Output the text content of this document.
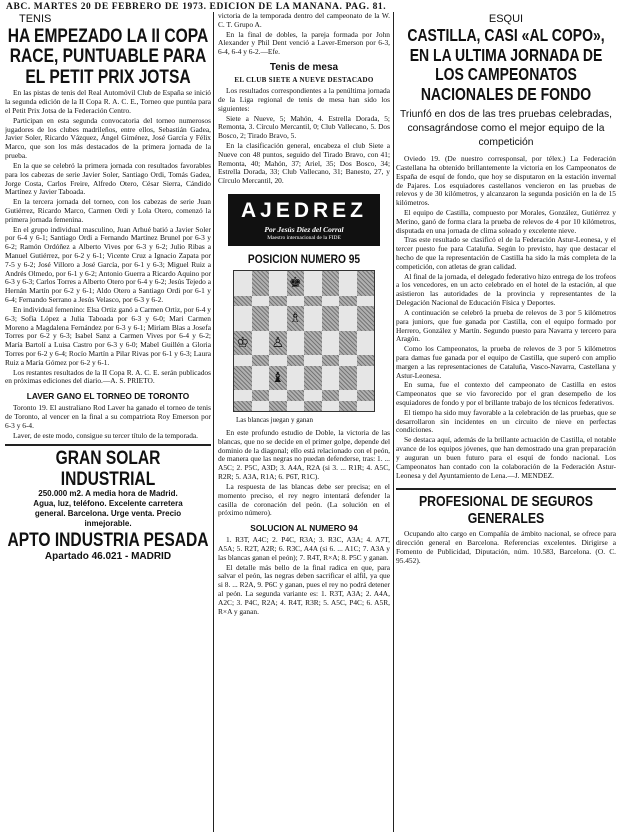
ABC. MARTES 20 DE FEBRERO DE 1973. EDICION DE LA MAÑANA. PAG. 81.
TENIS
HA EMPEZADO LA II COPA RACE, PUNTUABLE PARA EL PETIT PRIX JOTSA

En las pistas de tenis del Real Automóvil Club de España se inició la segunda edición de la II Copa R. A. C. E., Torneo que puntúa para el Petit Prix Jotsa de la Federación Centro.

Participan en esta segunda convocatoria del torneo numerosos jugadores de los clubes madrileños, entre ellos, Sebastián Gadea, Javier Soler, Ricardo Vázquez, Ángel Giménez, José García y Félix Marco, que son los más destacados de la primera jornada de la prueba.

En la que se celebró la primera jornada con resultados favorables para los cabezas de serie Javier Soler, Santiago Ordi, Tomás Gadea, Jorge Costa, Carlos Freire, Alfredo Otero, César Sierra, Cándido Martínez y Javier Taboada.

En la tercera jornada del torneo, con los cabezas de serie Juan Gutiérrez, Ricardo Marco, Carmen Ordi y Lola Otero, comenzó la primera jornada femenina.

En el grupo individual masculino, Juan Arhué batió a Javier Soler por 6-4 y 6-1; Santiago Ordi a Fernando Martínez Brunel por 6-3 y 6-2; Ramón Ordóñez a Alberto Vives por 6-3 y 6-2; Julio Ribas a Manuel Gutiérrez, por 6-2 y 6-1; Vicente Cruz a Ignacio Zapata por 7-5 y 6-2; José Villoro a José García, por 6-1 y 6-3; Miguel Ruiz a Andrés Olmedo, por 6-1 y 6-2; Antonio Guerra a Ricardo Aquino por 6-3 y 6-3; Carlos Torres a Alberto Otero por 6-4 y 6-2; Jesús Tejedo a Hernán Martín por 6-2 y 6-1; Aldo Otero a Santiago Ordi por 6-1 y 6-4; Fernando Serrano a Jesús Velasco, por 6-3 y 6-2.

En individual femenino: Elsa Ortiz ganó a Carmen Ortiz, por 6-4 y 6-3; Sofía López a Julia Taboada por 6-3 y 6-0; Mari Carmen Moreno a Magdalena Fernández por 6-3 y 6-1; Miriam Blas a Josefa Torres por 6-2 y 6-3; Isabel Sanz a Carmen Vives por 6-4 y 6-2; María Bartolí a Luisa Castro por 6-3 y 6-0; Mabel Guillén a Gloria Torres por 6-2 y 6-4; Rocío Martín a Pilar Rivas por 6-1 y 6-3; Laura Ruiz a María Gómez por 6-2 y 6-1.

Los restantes resultados de la II Copa R. A. C. E. serán publicados en próximas ediciones del diario.—A. S. PRIETO.

LAVER GANO EL TORNEO DE TORONTO

Toronto 19. El australiano Rod Laver ha ganado el torneo de tenis de Toronto, al vencer en la final a su compatriota Roy Emerson por 6-3 y 6-4.

Laver, de este modo, consigue su tercer título de la temporada.

GRAN SOLAR INDUSTRIAL
250.000 m2. A media hora de Madrid.
Agua, luz, teléfono. Excelente carretera
general. Barcelona. Urge venta. Precio
inmejorable.
APTO INDUSTRIA PESADA
Apartado 46.021 - MADRID

victoria de la temporada dentro del campeonato de la W. C. T. Grupo A.

En la final de dobles, la pareja formada por John Alexander y Phil Dent venció a Laver-Emerson por 6-3, 6-4, 6-4 y 6-2.—Efe.

Tenis de mesa
EL CLUB SIETE A NUEVE DESTACADO

Los resultados correspondientes a la penúltima jornada de la Liga regional de tenis de mesa han sido los siguientes:

Siete a Nueve, 5; Mahón, 4. Estrella Dorada, 5; Remonta, 3. Círculo Mercantil, 0; Club Vallecano, 5. Dos Bosco, 2; Tirado Bravo, 5.

En la clasificación general, encabeza el club Siete a Nueve con 48 puntos, seguido del Tirado Bravo, con 41; Remonta, 40; Mahón, 37; Ariel, 35; Dos Bosco, 34; Estrella Dorada, 33; Club Vallecano, 31; Banesto, 27, y Círculo Mercantil, 20.

AJEDREZ
Por Jesús Díez del Corral
Maestro internacional de la FIDE
POSICION NUMERO 95
♚
♗
♔ ♙
♝
Las blancas juegan y ganan

En este profundo estudio de Doble, la victoria de las blancas, que no se decide en el primer golpe, depende del dominio de la diagonal; ello está relacionado con el peón, de manera que las negras no puedan defenderse, tras: 1. ... A5C; 2. P5C, A3D; 3. A4A, R2A (si 3. ... R1R; 4. A5C, R2R; 5. A3A, R1A; 6. P6T, R1C).

La respuesta de las blancas debe ser precisa; en el momento preciso, el rey negro intentará defender la casilla de coronación del peón. (La solución en el próximo número).

SOLUCION AL NUMERO 94

1. R3T, A4C; 2. P4C, R3A; 3. R3C, A3A; 4. A7T, A5A; 5. R2T, A2R; 6. R3C, A4A (si 6. ... A1C; 7. A3A y las blancas ganan el peón); 7. R4T, R×A; 8. P5C y ganan.

El detalle más bello de la final radica en que, para salvar el peón, las negras deben sacrificar el alfil, ya que si 8. ... R2A, 9. P6C y ganan, pues el rey no podrá detener al peón. La segunda variante es: 1. R3T, A3A; 2. A4A, A2C; 3. P4C, R2A; 4. R4T, R3R; 5. A5C, P4C; 6. A5R, R×A y ganan.

ESQUI
CASTILLA, CASI «AL COPO», EN LA ULTIMA JORNADA DE LOS CAMPEONATOS NACIONALES DE FONDO
Triunfó en dos de las tres pruebas celebradas, consagrándose como el mejor equipo de la competición

Oviedo 19. (De nuestro corresponsal, por télex.) La Federación Castellana ha obtenido brillantemente la victoria en los Campeonatos de España de esquí de fondo, que hoy se disputaron en la estación invernal de Pajares. Los esquiadores castellanos vencieron en las pruebas de relevos y de 30 kilómetros, y alcanzaron la segunda posición en la de 15 kilómetros.

El equipo de Castilla, compuesto por Morales, González, Gutiérrez y Merino, ganó de forma clara la prueba de relevos de 4 por 10 kilómetros, disputada en una jornada de clima soleado y excelente nieve.

Tras este resultado se clasificó el de la Federación Astur-Leonesa, y el tercer puesto fue para Cataluña. Según lo previsto, hay que destacar el hecho de que la representación de Castilla ha sido la más completa de la competición, con atletas de gran calidad.

Al final de la jornada, el delegado federativo hizo entrega de los trofeos a los vencedores, en un acto celebrado en el hotel de la estación, al que asistieron las autoridades de la provincia y representantes de la Delegación Nacional de Educación Física y Deportes.

A continuación se celebró la prueba de relevos de 3 por 5 kilómetros para juniors, que fue ganada por Castilla, con el equipo formado por Herrero, González y Martín. Segundo puesto para Navarra y tercero para Aragón.

Como los Campeonatos, la prueba de relevos de 3 por 5 kilómetros para damas fue ganada por el equipo de Castilla, que superó con amplio margen a las representaciones de Cataluña, Vasco-Navarra, Castellana y Astur-Leonesa.

En suma, fue el contexto del campeonato de Castilla en estos Campeonatos que se vio favorecido por el gran desempeño de los esquiadores de fondo y por el brillante trabajo de los técnicos federativos.

El tiempo ha sido muy favorable a la celebración de las pruebas, que se desarrollaron sin incidentes en un circuito de nieve en perfectas condiciones.

Se destaca aquí, además de la brillante actuación de Castilla, el notable avance de los equipos jóvenes, que han demostrado una gran preparación y auguran un buen futuro para el esquí de fondo nacional. Los Campeonatos han contado con la colaboración de la Federación Astur-Leonesa y del Ayuntamiento de Lena.—J. MENDEZ.

PROFESIONAL DE SEGUROS GENERALES

Ocupando alto cargo en Compañía de ámbito nacional, se ofrece para dirección general en Barcelona. Referencias excelentes. Dirigirse a Fomento de Publicidad, Diputación, núm. 10.583, Barcelona. (O. C. 95.452).
